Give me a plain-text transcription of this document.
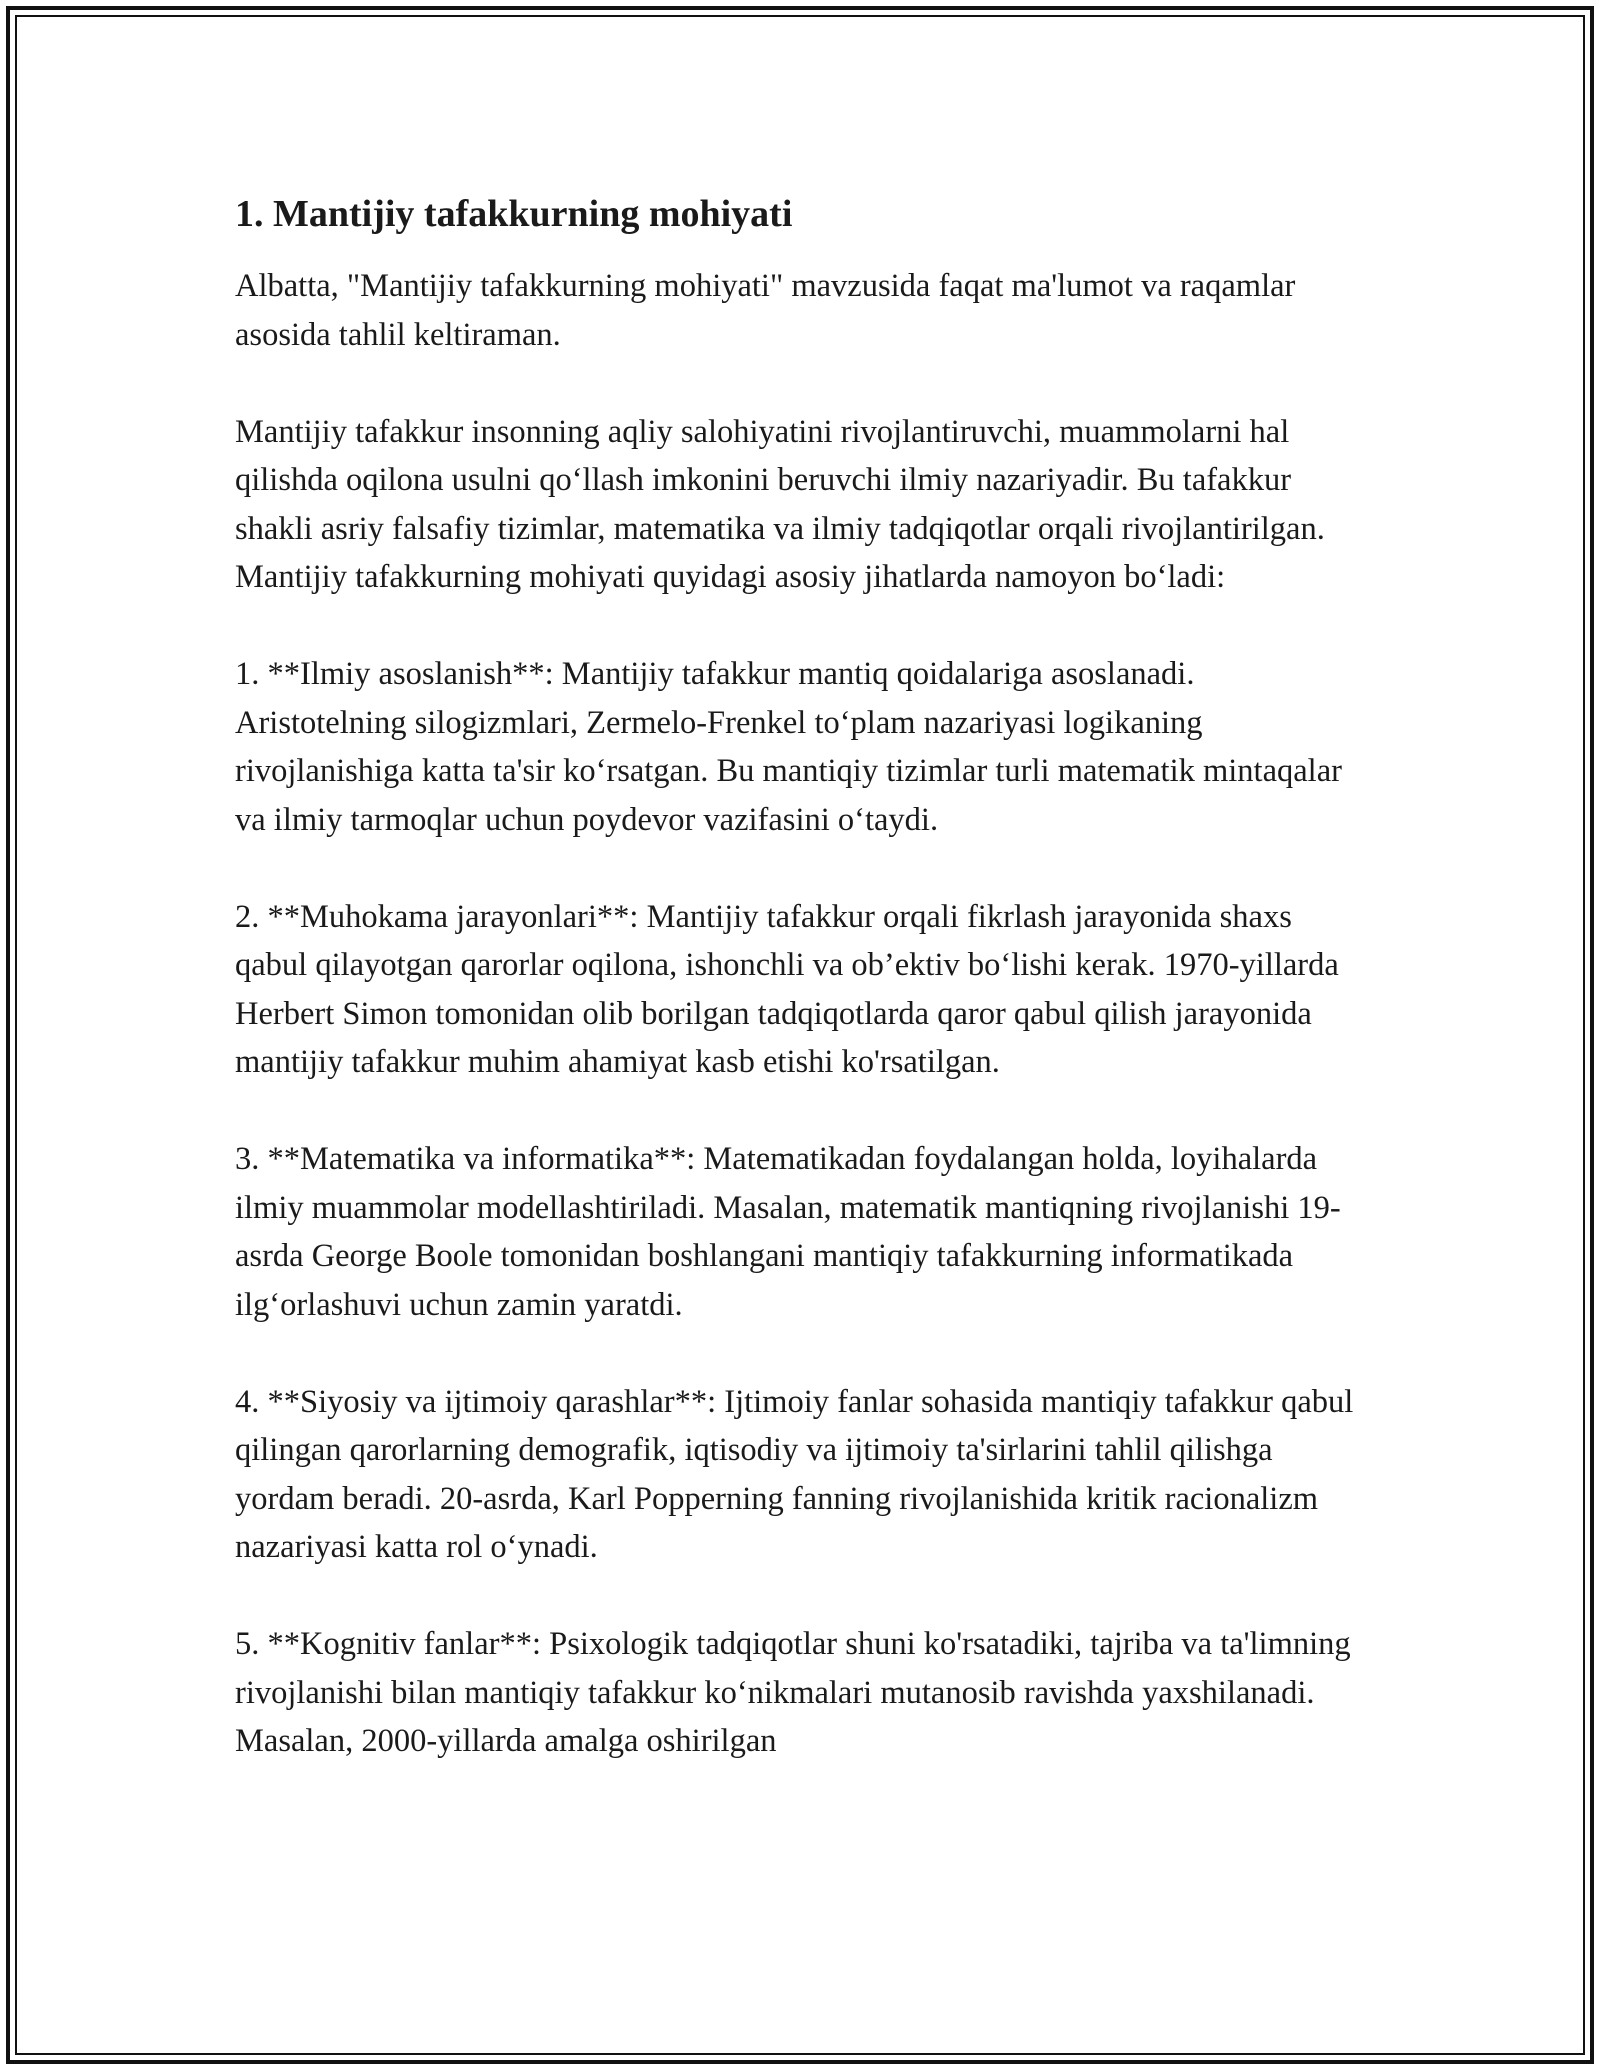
1. Mantijiy tafakkurning mohiyati

Albatta, "Mantijiy tafakkurning mohiyati" mavzusida faqat ma'lumot va raqamlar asosida tahlil keltiraman.

Mantijiy tafakkur insonning aqliy salohiyatini rivojlantiruvchi, muammolarni hal qilishda oqilona usulni qo‘llash imkonini beruvchi ilmiy nazariyadir. Bu tafakkur shakli asriy falsafiy tizimlar, matematika va ilmiy tadqiqotlar orqali rivojlantirilgan. Mantijiy tafakkurning mohiyati quyidagi asosiy jihatlarda namoyon bo‘ladi:

1. **Ilmiy asoslanish**: Mantijiy tafakkur mantiq qoidalariga asoslanadi. Aristotelning silogizmlari, Zermelo-Frenkel to‘plam nazariyasi logikaning rivojlanishiga katta ta'sir ko‘rsatgan. Bu mantiqiy tizimlar turli matematik mintaqalar va ilmiy tarmoqlar uchun poydevor vazifasini o‘taydi.

2. **Muhokama jarayonlari**: Mantijiy tafakkur orqali fikrlash jarayonida shaxs qabul qilayotgan qarorlar oqilona, ishonchli va ob’ektiv bo‘lishi kerak. 1970-yillarda Herbert Simon tomonidan olib borilgan tadqiqotlarda qaror qabul qilish jarayonida mantijiy tafakkur muhim ahamiyat kasb etishi ko'rsatilgan.

3. **Matematika va informatika**: Matematikadan foydalangan holda, loyihalarda ilmiy muammolar modellashtiriladi. Masalan, matematik mantiqning rivojlanishi 19-asrda George Boole tomonidan boshlangani mantiqiy tafakkurning informatikada ilg‘orlashuvi uchun zamin yaratdi.

4. **Siyosiy va ijtimoiy qarashlar**: Ijtimoiy fanlar sohasida mantiqiy tafakkur qabul qilingan qarorlarning demografik, iqtisodiy va ijtimoiy ta'sirlarini tahlil qilishga yordam beradi. 20-asrda, Karl Popperning fanning rivojlanishida kritik racionalizm nazariyasi katta rol o‘ynadi.

5. **Kognitiv fanlar**: Psixologik tadqiqotlar shuni ko'rsatadiki, tajriba va ta'limning rivojlanishi bilan mantiqiy tafakkur ko‘nikmalari mutanosib ravishda yaxshilanadi. Masalan, 2000-yillarda amalga oshirilgan
